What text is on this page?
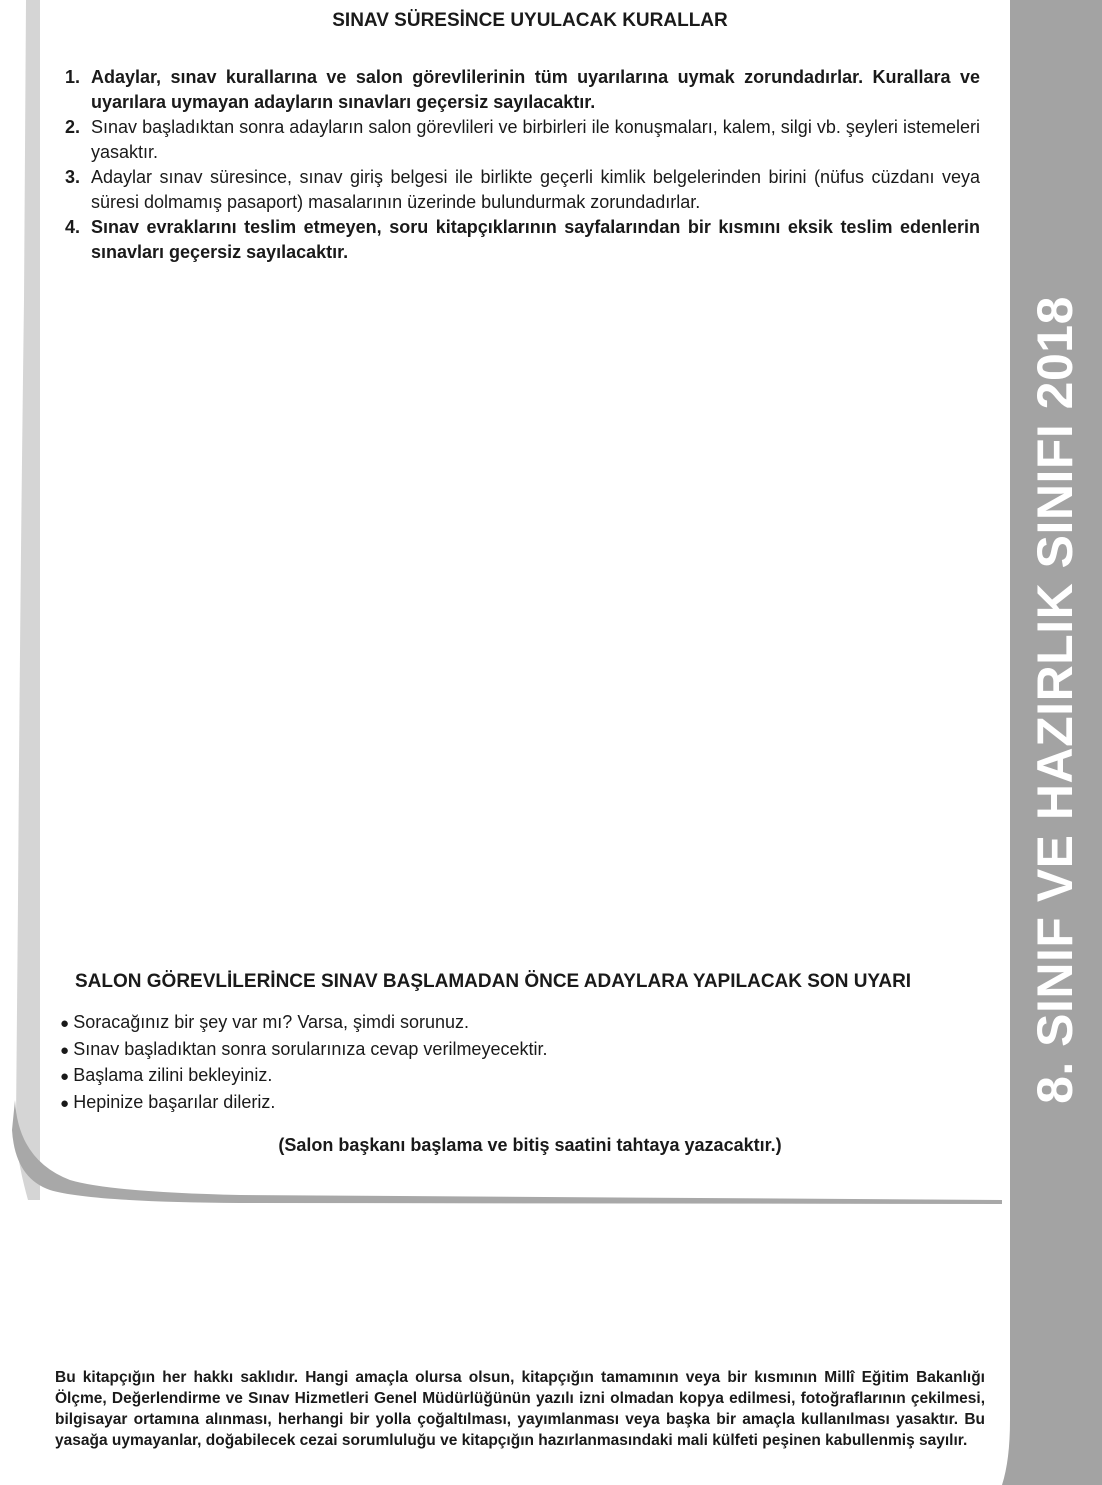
8. SINIF VE HAZIRLIK SINIFI 2018
SINAV SÜRESİNCE UYULACAK KURALLAR
1. Adaylar, sınav kurallarına ve salon görevlilerinin tüm uyarılarına uymak zorundadırlar. Kurallara ve uyarılara uymayan adayların sınavları geçersiz sayılacaktır.
2. Sınav başladıktan sonra adayların salon görevlileri ve birbirleri ile konuşmaları, kalem, silgi vb. şeyleri istemeleri yasaktır.
3. Adaylar sınav süresince, sınav giriş belgesi ile birlikte geçerli kimlik belgelerinden birini (nüfus cüzdanı veya süresi dolmamış pasaport) masalarının üzerinde bulundurmak zorundadırlar.
4. Sınav evraklarını teslim etmeyen, soru kitapçıklarının sayfalarından bir kısmını eksik teslim edenlerin sınavları geçersiz sayılacaktır.
SALON GÖREVLİLERİNCE SINAV BAŞLAMADAN ÖNCE ADAYLARA YAPILACAK SON UYARI
● Soracağınız bir şey var mı? Varsa, şimdi sorunuz.
● Sınav başladıktan sonra sorularınıza cevap verilmeyecektir.
● Başlama zilini bekleyiniz.
● Hepinize başarılar dileriz.
(Salon başkanı başlama ve bitiş saatini tahtaya yazacaktır.)
Bu kitapçığın her hakkı saklıdır. Hangi amaçla olursa olsun, kitapçığın tamamının veya bir kısmının Millî Eğitim Bakanlığı Ölçme, Değerlendirme ve Sınav Hizmetleri Genel Müdürlüğünün yazılı izni olmadan kopya edilmesi, fotoğraflarının çekilmesi, bilgisayar ortamına alınması, herhangi bir yolla çoğaltılması, yayımlanması veya başka bir amaçla kullanılması yasaktır. Bu yasağa uymayanlar, doğabilecek cezai sorumluluğu ve kitapçığın hazırlanmasındaki mali külfeti peşinen kabullenmiş sayılır.
